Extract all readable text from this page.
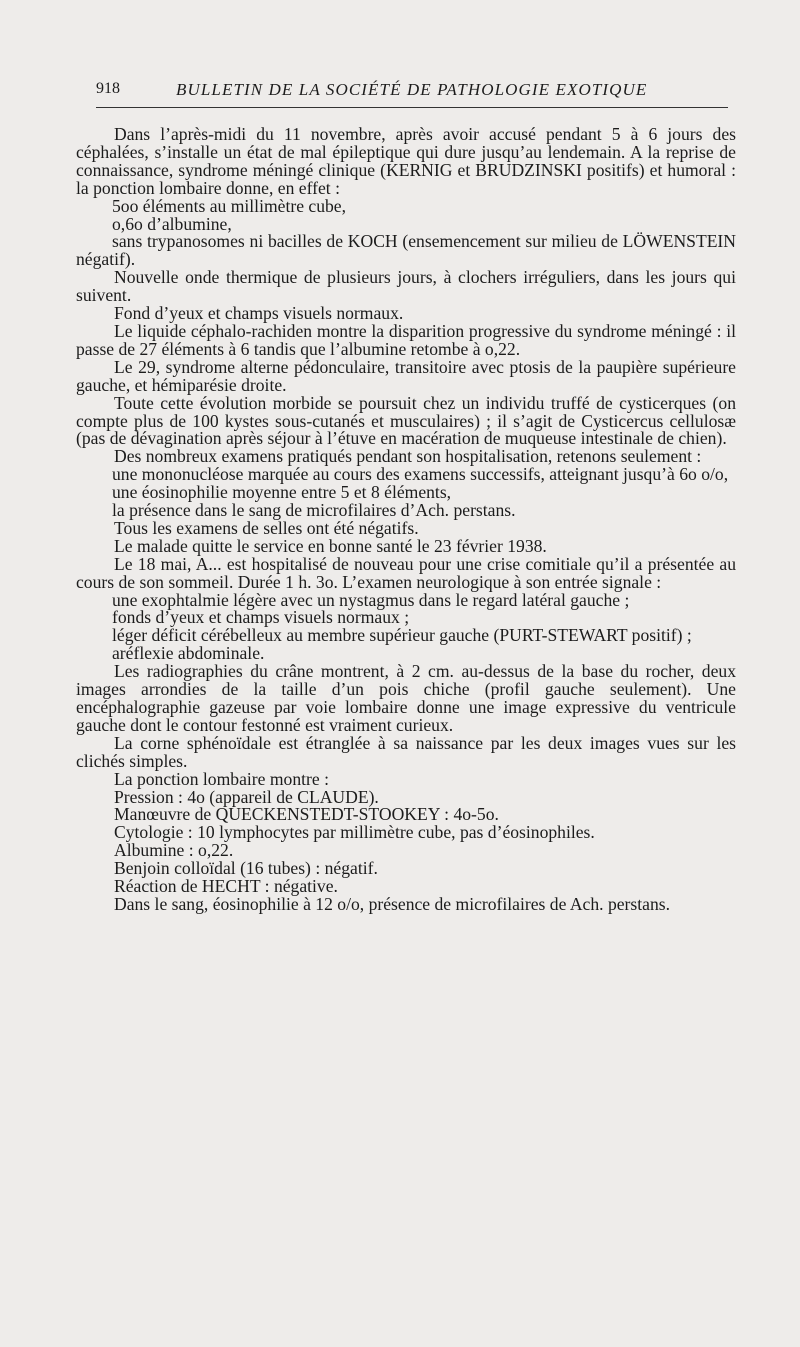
918	BULLETIN DE LA SOCIÉTÉ DE PATHOLOGIE EXOTIQUE

Dans l’après-midi du 11 novembre, après avoir accusé pendant 5 à 6 jours des céphalées, s’installe un état de mal épileptique qui dure jusqu’au lendemain. A la reprise de connaissance, syndrome méningé clinique (KERNIG et BRUDZINSKI positifs) et humoral : la ponction lombaire donne, en effet :

5oo éléments au millimètre cube,

o,6o d’albumine,

sans trypanosomes ni bacilles de KOCH (ensemencement sur milieu de LÖWENSTEIN négatif).

Nouvelle onde thermique de plusieurs jours, à clochers irréguliers, dans les jours qui suivent.

Fond d’yeux et champs visuels normaux.

Le liquide céphalo-rachiden montre la disparition progressive du syndrome méningé : il passe de 27 éléments à 6 tandis que l’albumine retombe à o,22.

Le 29, syndrome alterne pédonculaire, transitoire avec ptosis de la paupière supérieure gauche, et hémiparésie droite.

Toute cette évolution morbide se poursuit chez un individu truffé de cysticerques (on compte plus de 100 kystes sous-cutanés et musculaires) ; il s’agit de Cysticercus cellulosæ (pas de dévagination après séjour à l’étuve en macération de muqueuse intestinale de chien).

Des nombreux examens pratiqués pendant son hospitalisation, retenons seulement :

une mononucléose marquée au cours des examens successifs, atteignant jusqu’à 6o o/o,

une éosinophilie moyenne entre 5 et 8 éléments,

la présence dans le sang de microfilaires d’Ach. perstans.

Tous les examens de selles ont été négatifs.

Le malade quitte le service en bonne santé le 23 février 1938.

Le 18 mai, A... est hospitalisé de nouveau pour une crise comitiale qu’il a présentée au cours de son sommeil. Durée 1 h. 3o. L’examen neurologique à son entrée signale :

une exophtalmie légère avec un nystagmus dans le regard latéral gauche ;

fonds d’yeux et champs visuels normaux ;

léger déficit cérébelleux au membre supérieur gauche (PURT-STEWART positif) ;

aréflexie abdominale.

Les radiographies du crâne montrent, à 2 cm. au-dessus de la base du rocher, deux images arrondies de la taille d’un pois chiche (profil gauche seulement). Une encéphalographie gazeuse par voie lombaire donne une image expressive du ventricule gauche dont le contour festonné est vraiment curieux.

La corne sphénoïdale est étranglée à sa naissance par les deux images vues sur les clichés simples.

La ponction lombaire montre :

Pression : 4o (appareil de CLAUDE).

Manœuvre de QUECKENSTEDT-STOOKEY : 4o-5o.

Cytologie : 10 lymphocytes par millimètre cube, pas d’éosinophiles.

Albumine : o,22.

Benjoin colloïdal (16 tubes) : négatif.

Réaction de HECHT : négative.

Dans le sang, éosinophilie à 12 o/o, présence de microfilaires de Ach. perstans.
